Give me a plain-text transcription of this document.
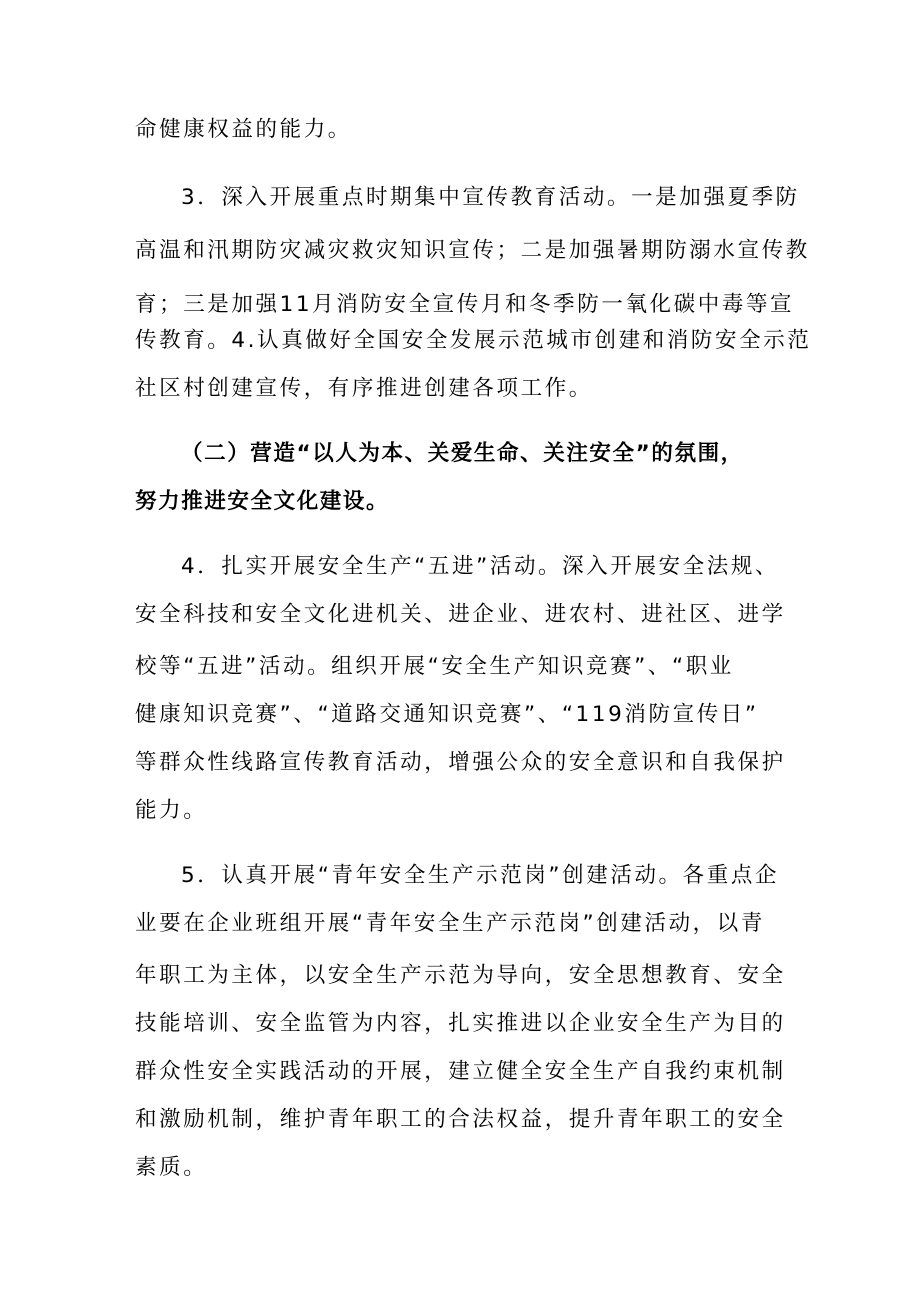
命健康权益的能力。
3．深入开展重点时期集中宣传教育活动。一是加强夏季防
高温和汛期防灾减灾救灾知识宣传；二是加强暑期防溺水宣传教
育；三是加强11月消防安全宣传月和冬季防一氧化碳中毒等宣
传教育。4.认真做好全国安全发展示范城市创建和消防安全示范
社区村创建宣传，有序推进创建各项工作。
（二）营造“以人为本、关爱生命、关注安全”的氛围，
努力推进安全文化建设。
4．扎实开展安全生产“五进”活动。深入开展安全法规、
安全科技和安全文化进机关、进企业、进农村、进社区、进学
校等“五进”活动。组织开展“安全生产知识竞赛”、“职业
健康知识竞赛”、“道路交通知识竞赛”、“119消防宣传日”
等群众性线路宣传教育活动，增强公众的安全意识和自我保护
能力。
5．认真开展“青年安全生产示范岗”创建活动。各重点企
业要在企业班组开展“青年安全生产示范岗”创建活动，以青
年职工为主体，以安全生产示范为导向，安全思想教育、安全
技能培训、安全监管为内容，扎实推进以企业安全生产为目的
群众性安全实践活动的开展，建立健全安全生产自我约束机制
和激励机制，维护青年职工的合法权益，提升青年职工的安全
素质。
